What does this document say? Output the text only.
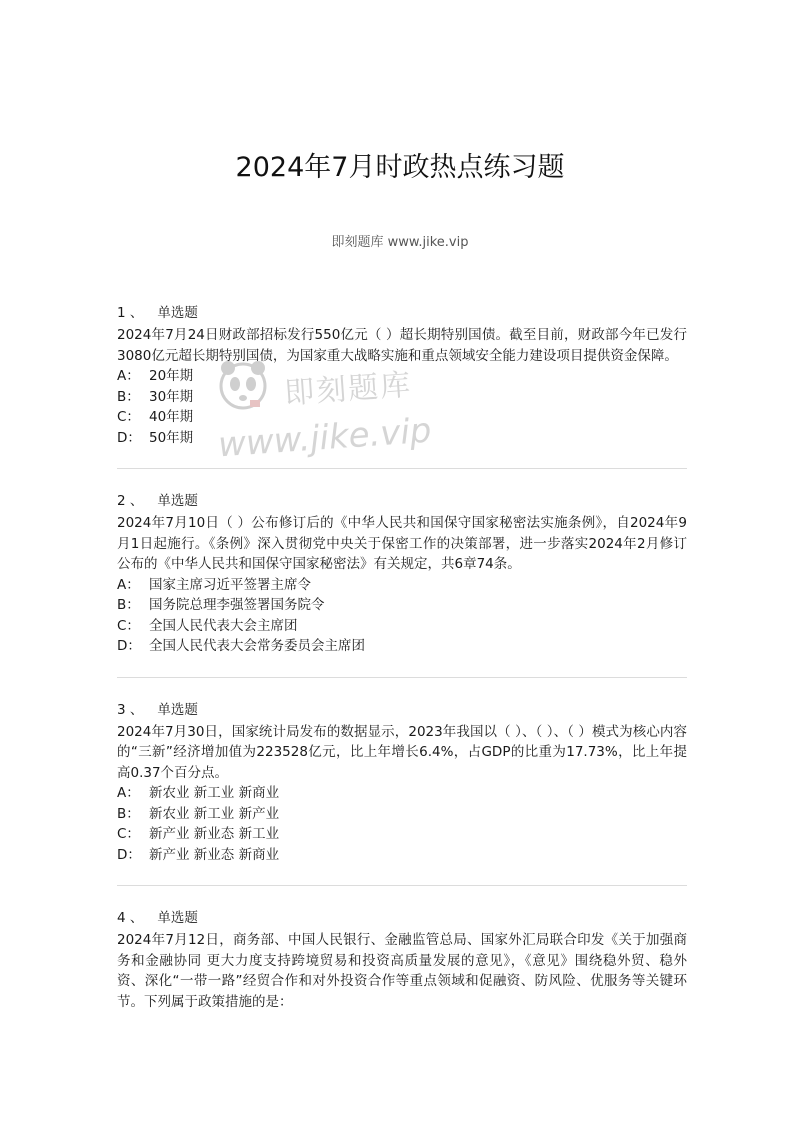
2024年7月时政热点练习题
即刻题库 www.jike.vip
即刻题库
www.jike.vip
1 、 单选题
2024年7月24日财政部招标发行550亿元（ ）超长期特别国债。截至目前，财政部今年已发行3080亿元超长期特别国债，为国家重大战略实施和重点领域安全能力建设项目提供资金保障。
A： 20年期
B： 30年期
C： 40年期
D： 50年期
2 、 单选题
2024年7月10日（ ）公布修订后的《中华人民共和国保守国家秘密法实施条例》，自2024年9月1日起施行。《条例》深入贯彻党中央关于保密工作的决策部署，进一步落实2024年2月修订公布的《中华人民共和国保守国家秘密法》有关规定，共6章74条。
A： 国家主席习近平签署主席令
B： 国务院总理李强签署国务院令
C： 全国人民代表大会主席团
D： 全国人民代表大会常务委员会主席团
3 、 单选题
2024年7月30日，国家统计局发布的数据显示，2023年我国以（ ）、（ ）、（ ）模式为核心内容的“三新”经济增加值为223528亿元，比上年增长6.4%，占GDP的比重为17.73%，比上年提高0.37个百分点。
A： 新农业 新工业 新商业
B： 新农业 新工业 新产业
C： 新产业 新业态 新工业
D： 新产业 新业态 新商业
4 、 单选题
2024年7月12日，商务部、中国人民银行、金融监管总局、国家外汇局联合印发《关于加强商务和金融协同 更大力度支持跨境贸易和投资高质量发展的意见》，《意见》围绕稳外贸、稳外资、深化“一带一路”经贸合作和对外投资合作等重点领域和促融资、防风险、优服务等关键环节。下列属于政策措施的是：
